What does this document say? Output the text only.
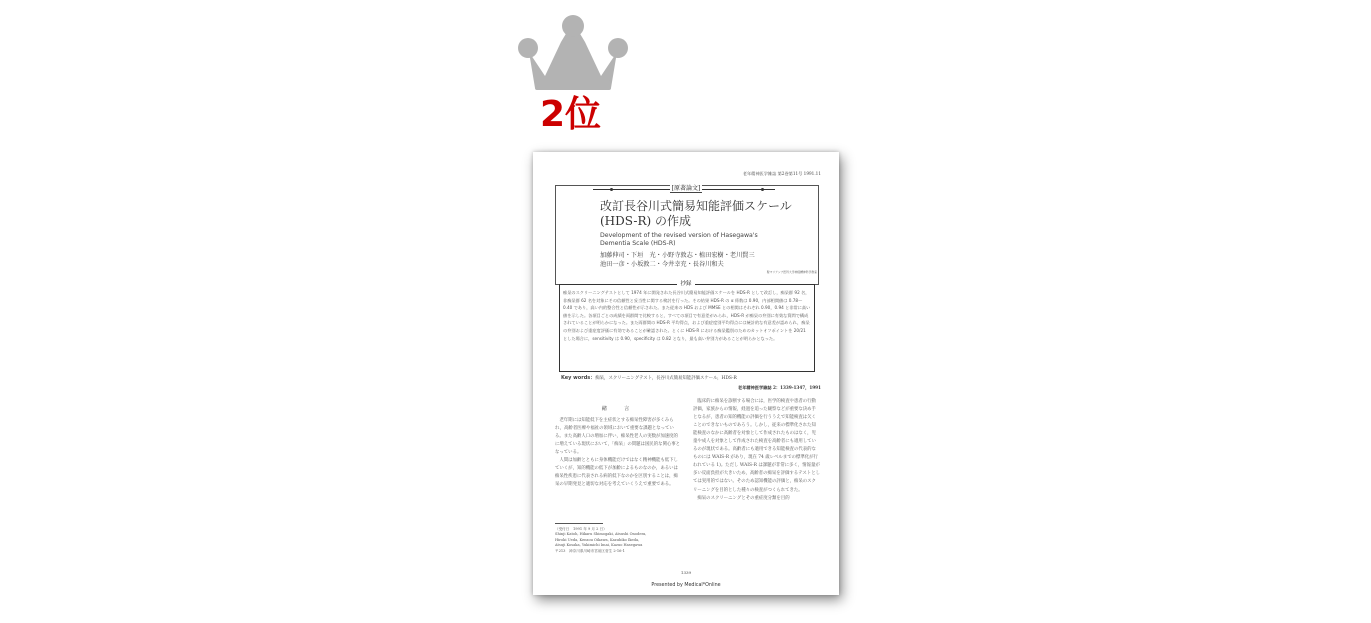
2位
老年精神医学雑誌 第2巻第11号 1991.11
[原著論文]
改訂長谷川式簡易知能評価スケール
(HDS-R) の作成
Development of the revised version of Hasegawa's
Dementia Scale (HDS-R)
加藤伸司・下垣　光・小野寺敦志・植田宏樹・老川賢三
池田一彦・小坂敦二・今井幸充・長谷川和夫
聖マリアンナ医科大学神経精神科学教室
抄録
痴呆のスクリーニングテストとして 1974 年に開発された長谷川式簡易知能評価スケールを HDS-R として改訂し，痴呆群 92 名，非痴呆群 62 名を対象にその信頼性と妥当性に関する検討を行った。その結果 HDS-R の α 係数は 0.90，内部相関値は 0.78～0.40 であり，高い内的整合性と信頼性が示された。また従来の HDS および MMSE との相関はそれぞれ 0.90，0.94 と非常に高い値を示した。各項目ごとの成績を両群間で比較すると，すべての項目で有意差がみられ，HDS-R が痴呆の弁別に有効な質問で構成されていることが明らかになった。また両群間の HDS-R 平均得点，および重症度別平均得点には統計的な有意差が認められ，痴呆の弁別および重症度評価に有効であることが確認された。とくに HDS-R における痴呆鑑別のためのカットオフポイントを 20/21 とした場合に，sensitivity は 0.90，specificity は 0.82 となり，最も高い弁別力があることが明らかとなった。
Key words：痴呆，スクリーニングテスト，長谷川式簡易知能評価スケール，HDS-R
老年精神医学雑誌 2：1339-1347，1991

緒　言

老年期には知能低下を主症状とする痴呆性障害が多くみられ，高齢者医療や福祉の領域において重要な課題となっている。また高齢人口の増加に伴い，痴呆性老人の実数が加速度的に増えている現状において，「痴呆」の問題は国民的な関心事となっている。

人間は加齢とともに身体機能だけではなく精神機能も低下していくが，知的機能の低下が加齢によるものなのか，あるいは痴呆性疾患に代表される病的低下なのかを区別することは，痴呆の早期発見と適切な対応を考えていくうえで重要である。

臨床的に痴呆を診断する場合には，医学的検査や患者の行動評価，家族からの情報，経過を追った観察などが重要な決め手となるが，患者の知的機能の評価を行ううえで知能検査は欠くことのできないものであろう。しかし，従来の標準化された知能検査のなかに高齢者を対象として作成されたものはなく，児童や成人を対象として作成された検査を高齢者にも適用しているのが現状である。高齢者にも適用できる知能検査の代表的なものには WAIS-R があり，現在 74 歳レベルまでの標準化が行われている 1)。ただし WAIS-R は課題が非常に多く，情報量が多い反面負担が大きいため，高齢者の痴呆を評価するテストとしては実用的ではない。そのため認知機能の評価と，痴呆のスクリーニングを目的とした種々の検査がつくられてきた。

痴呆のスクリーニングとその重症度分類を目的

（受付日　1991 年 9 月 2 日）
Shinji Katoh, Hikaru Shimogaki, Atsushi Onodera,
Hiroki Ueda, Kenzou Oikawa, Kazuhiko Ikeda,
Atsuji Kosaka, Yukimichi Imai, Kazuo Hasegawa
〒213　神奈川県川崎市宮前区菅生 2-16-1
1339
Presented by Medical*Online
